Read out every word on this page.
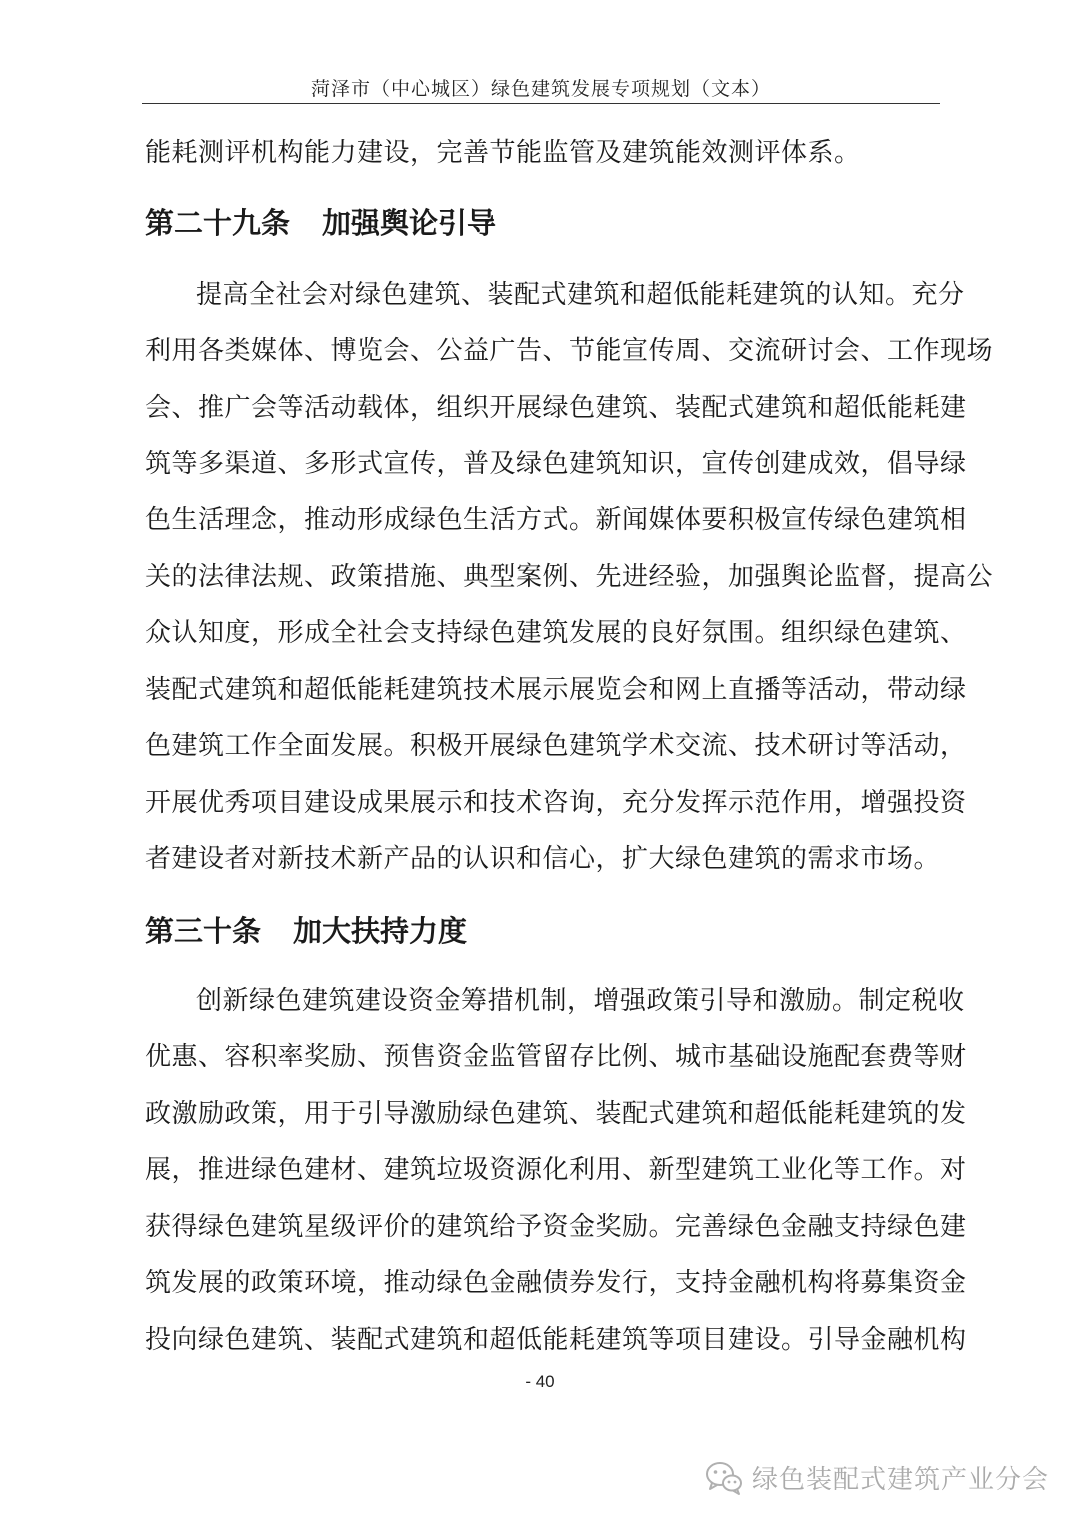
菏泽市（中心城区）绿色建筑发展专项规划（文本）
能耗测评机构能力建设，完善节能监管及建筑能效测评体系。
第二十九条 加强舆论引导
提高全社会对绿色建筑、装配式建筑和超低能耗建筑的认知。充分
利用各类媒体、博览会、公益广告、节能宣传周、交流研讨会、工作现场
会、推广会等活动载体，组织开展绿色建筑、装配式建筑和超低能耗建
筑等多渠道、多形式宣传，普及绿色建筑知识，宣传创建成效，倡导绿
色生活理念，推动形成绿色生活方式。新闻媒体要积极宣传绿色建筑相
关的法律法规、政策措施、典型案例、先进经验，加强舆论监督，提高公
众认知度，形成全社会支持绿色建筑发展的良好氛围。组织绿色建筑、
装配式建筑和超低能耗建筑技术展示展览会和网上直播等活动，带动绿
色建筑工作全面发展。积极开展绿色建筑学术交流、技术研讨等活动，
开展优秀项目建设成果展示和技术咨询，充分发挥示范作用，增强投资
者建设者对新技术新产品的认识和信心，扩大绿色建筑的需求市场。
第三十条 加大扶持力度
创新绿色建筑建设资金筹措机制，增强政策引导和激励。制定税收
优惠、容积率奖励、预售资金监管留存比例、城市基础设施配套费等财
政激励政策，用于引导激励绿色建筑、装配式建筑和超低能耗建筑的发
展，推进绿色建材、建筑垃圾资源化利用、新型建筑工业化等工作。对
获得绿色建筑星级评价的建筑给予资金奖励。完善绿色金融支持绿色建
筑发展的政策环境，推动绿色金融债券发行，支持金融机构将募集资金
投向绿色建筑、装配式建筑和超低能耗建筑等项目建设。引导金融机构
- 40
绿色装配式建筑产业分会
